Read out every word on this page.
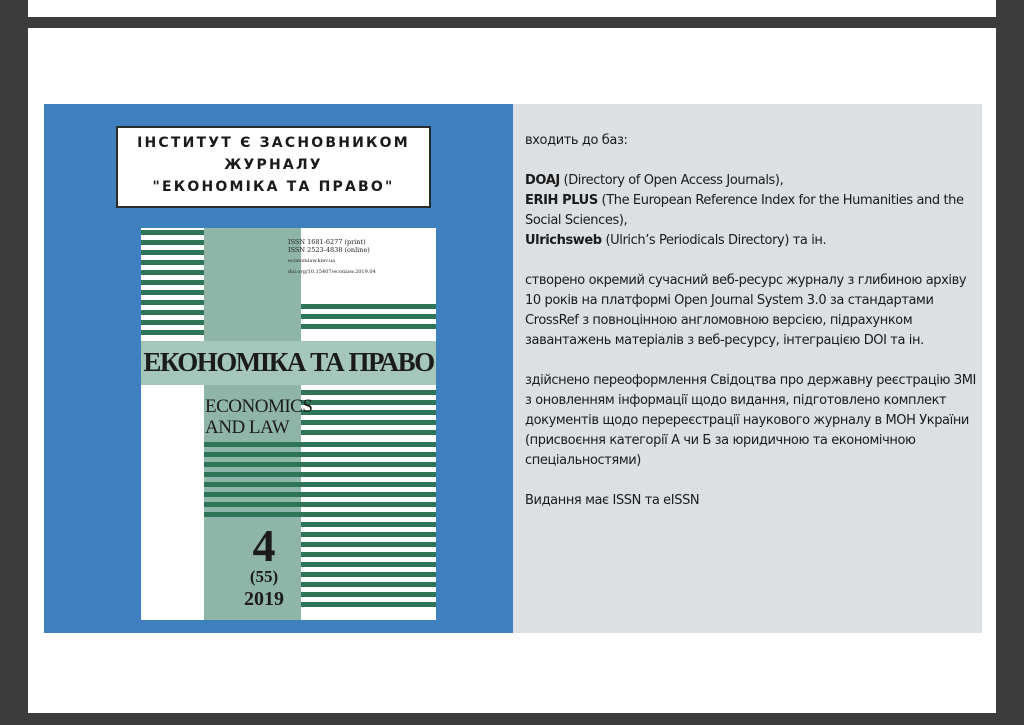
ІНСТИТУТ Є ЗАСНОВНИКОМ
ЖУРНАЛУ
"ЕКОНОМІКА ТА ПРАВО"
ISSN 1681-6277 (print)
ISSN 2523-4838 (online)
economlaw.kiev.ua
doi.org/10.15407/econlaw.2019.04
ЕКОНОМІКА ТА ПРАВО
ECONOMICS
AND LAW
4
(55)
2019

входить до баз:

DOAJ (Directory of Open Access Journals),

ERIH PLUS (The European Reference Index for the Humanities and the Social Sciences),

Ulrichsweb (Ulrich’s Periodicals Directory) та ін.

створено окремий сучасний веб-ресурс журналу з глибиною архіву 10 років на платформі Open Journal System 3.0 за стандартами CrossRef з повноцінною англомовною версією, підрахунком завантажень матеріалів з веб-ресурсу, інтеграцією DOI та ін.

здійснено переоформлення Свідоцтва про державну реєстрацію ЗМІ з оновленням інформації щодо видання, підготовлено комплект документів щодо перереєстрації наукового журналу в МОН України (присвоєння категорії А чи Б за юридичною та економічною спеціальностями)

Видання має ISSN та eISSN
